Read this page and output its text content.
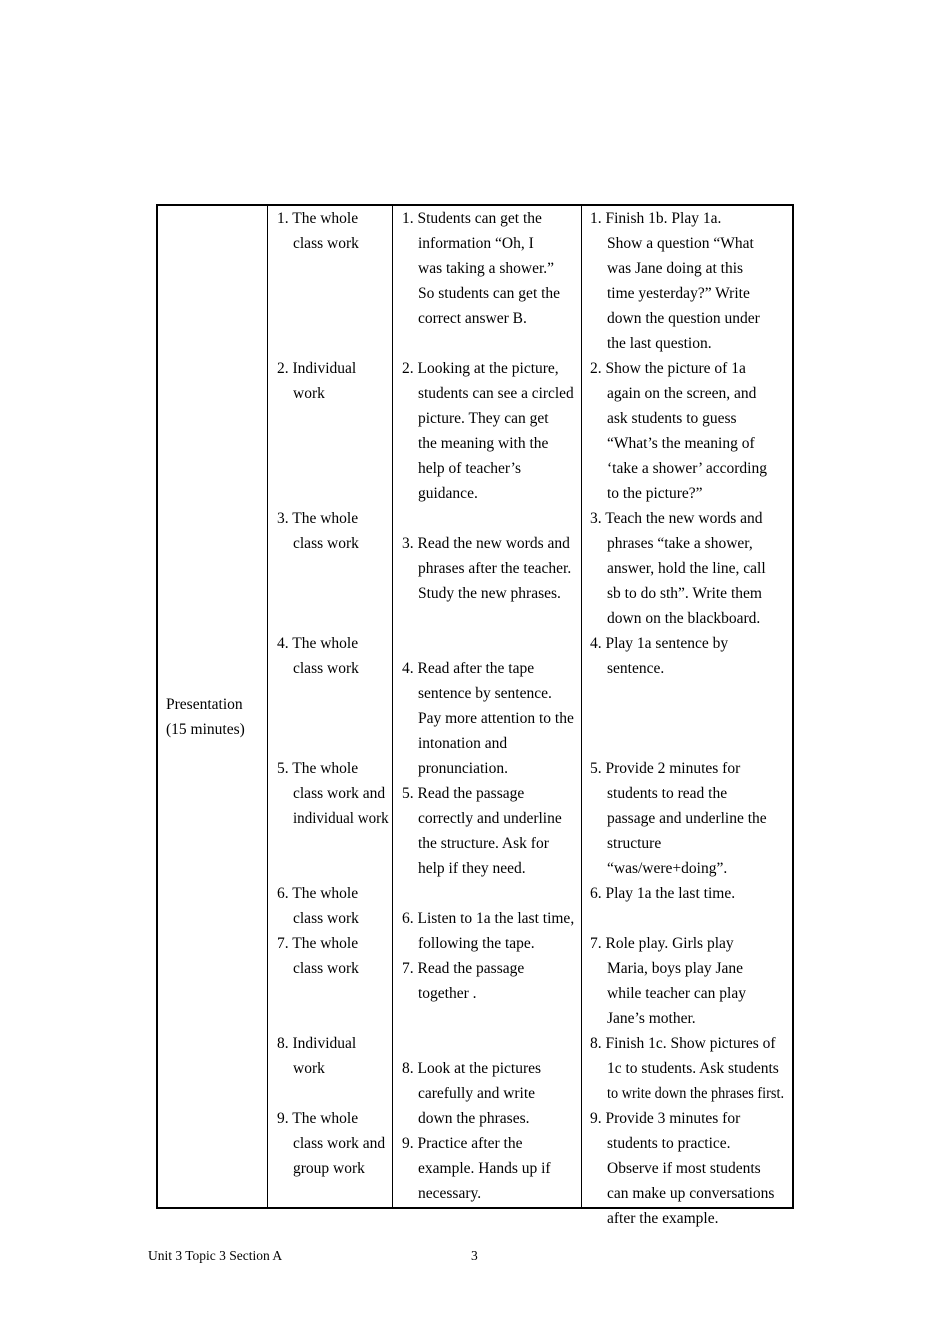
Presentation
(15 minutes)
1. The whole
class work
2. Individual
work
3. The whole
class work
4. The whole
class work
5. The whole
class work and
individual work
6. The whole
class work
7. The whole
class work
8. Individual
work
9. The whole
class work and
group work
1. Students can get the
information “Oh, I
was taking a shower.”
So students can get the
correct answer B.
2. Looking at the picture,
students can see a circled
picture. They can get
the meaning with the
help of teacher’s
guidance.
3. Read the new words and
phrases after the teacher.
Study the new phrases.
4. Read after the tape
sentence by sentence.
Pay more attention to the
intonation and
pronunciation.
5. Read the passage
correctly and underline
the structure. Ask for
help if they need.
6. Listen to 1a the last time,
following the tape.
7. Read the passage
together .
8. Look at the pictures
carefully and write
down the phrases.
9. Practice after the
example. Hands up if
necessary.
1. Finish 1b. Play 1a.
Show a question “What
was Jane doing at this
time yesterday?” Write
down the question under
the last question.
2. Show the picture of 1a
again on the screen, and
ask students to guess
“What’s the meaning of
‘take a shower’ according
to the picture?”
3. Teach the new words and
phrases “take a shower,
answer, hold the line, call
sb to do sth”. Write them
down on the blackboard.
4. Play 1a sentence by
sentence.
5. Provide 2 minutes for
students to read the
passage and underline the
structure
“was/were+doing”.
6. Play 1a the last time.
7. Role play. Girls play
Maria, boys play Jane
while teacher can play
Jane’s mother.
8. Finish 1c. Show pictures of
1c to students. Ask students
to write down the phrases first.
9. Provide 3 minutes for
students to practice.
Observe if most students
can make up conversations
after the example.
Unit 3 Topic 3 Section A	3
